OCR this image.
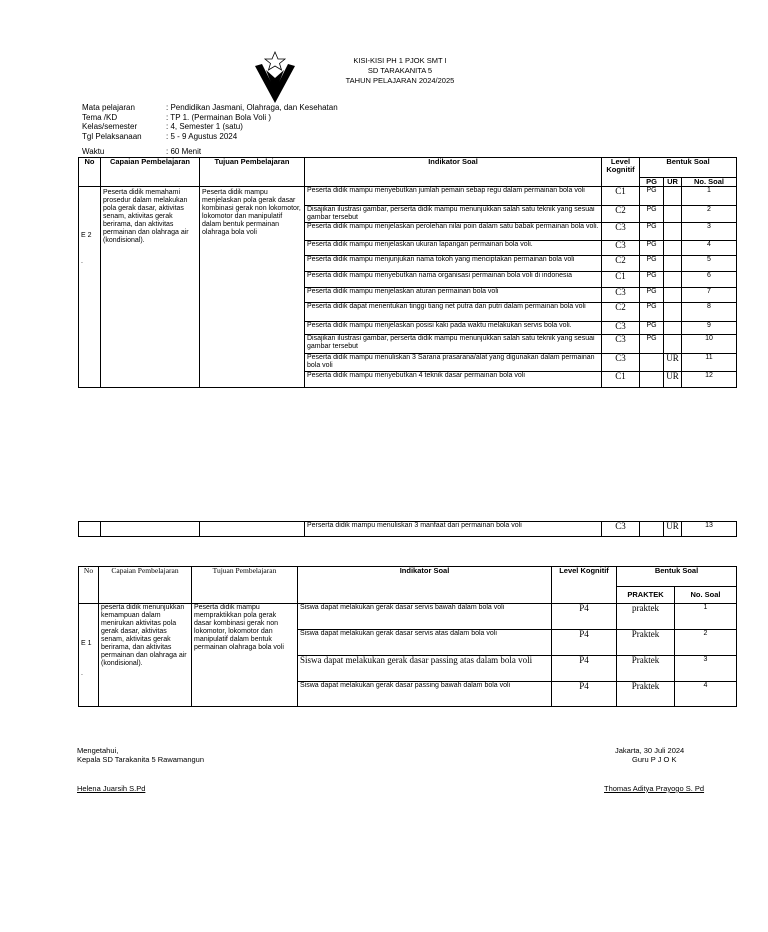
KISI-KISI PH 1 PJOK SMT I
SD TARAKANITA 5
TAHUN PELAJARAN 2024/2025
Mata pelajaran	: Pendidikan Jasmani, Olahraga, dan Kesehatan
Tema /KD	: TP 1. (Permainan Bola Voli )
Kelas/semester	: 4, Semester 1 (satu)
Tgl Pelaksanaan	: 5 - 9 Agustus 2024
Waktu	: 60 Menit
No	Capaian Pembelajaran	Tujuan Pembelajaran	Indikator Soal	Level Kognitif	Bentuk Soal		
					PG	UR	No. Soal

E 2
.	Peserta didik memahami prosedur dalam melakukan pola gerak dasar, aktivitas senam, aktivitas gerak berirama, dan aktivitas permainan dan olahraga air (kondisional).	Peserta didik mampu menjelaskan pola gerak dasar kombinasi gerak non lokomotor, lokomotor dan manipulatif dalam bentuk permainan olahraga bola voli	Peserta didik mampu menyebutkan jumlah pemain sebap regu dalam permainan bola voli	C1	PG		1
			Disajikan ilustrasi gambar, perserta didik mampu menunjukkan salah satu teknik yang sesuai gambar tersebut	C2	PG		2
			Peserta didik mampu menjelaskan perolehan nilai poin dalam satu babak permainan bola voli.	C3	PG		3
			Peserta didik mampu menjelaskan ukuran lapangan permainan bola voli.	C3	PG		4
			Peserta didik mampu menjunjukan nama tokoh yang menciptakan permainan bola voli	C2	PG		5
			Peserta didik mampu menyebutkan nama organisasi permainan bola voli di indonesia	C1	PG		6
			Peserta didik mampu menjelaskan aturan permainan bola voli	C3	PG		7
			Peserta didik dapat menentukan tinggi tiang net putra dan putri dalam permainan bola voli	C2	PG		8
			Peserta didik mampu menjelaskan posisi kaki pada waktu melakukan servis bola voli.	C3	PG		9
			Disajikan ilustrasi gambar, perserta didik mampu menunjukkan salah satu teknik yang sesuai gambar tersebut	C3	PG		10
			Peserta didik mampu menuliskan 3 Sarana prasarana/alat yang digunakan dalam permainan bola voli	C3		UR	11
			Peserta didik mampu menyebutkan 4 teknik dasar permainan bola voli	C1		UR	12
			Perserta didik mampu menuliskan 3 manfaat dari permainan bola voli	C3		UR	13
No	Capaian Pembelajaran	Tujuan Pembelajaran	Indikator Soal	Level Kognitif	Bentuk Soal	
					PRAKTEK	No. Soal

E 1
.	peserta didik menunjukkan kemampuan dalam menirukan aktivitas pola gerak dasar, aktivitas senam, aktivitas gerak berirama, dan aktivitas permainan dan olahraga air (kondisional).	Peserta didik mampu mempraktikkan pola gerak dasar kombinasi gerak non lokomotor, lokomotor dan manipulatif dalam bentuk permainan olahraga bola voli	Siswa dapat melakukan gerak dasar servis bawah dalam bola voli	P4	praktek	1
			Siswa dapat melakukan gerak dasar servis atas dalam bola voli	P4	Praktek	2
			Siswa dapat melakukan gerak dasar passing atas dalam bola voli	P4	Praktek	3
			Siswa dapat melakukan gerak dasar passing bawah dalam bola voli	P4	Praktek	4
Mengetahui,
Kepala SD Tarakanita 5 Rawamangun
Helena Juarsih S.Pd
Jakarta, 30 Juli 2024
Guru P J O K
Thomas Aditya Prayogo S. Pd
